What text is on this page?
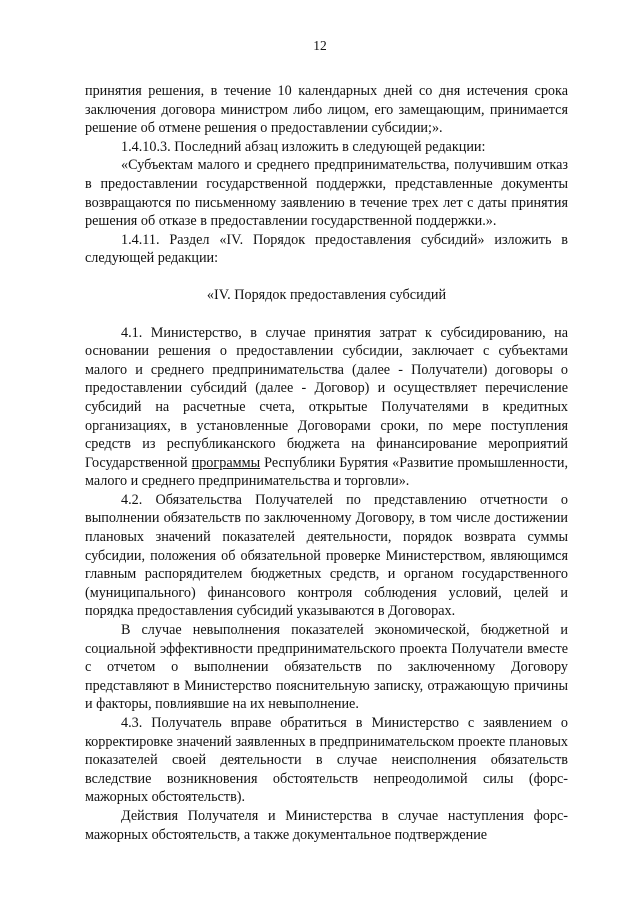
12

принятия решения, в течение 10 календарных дней со дня истечения срока заключения договора министром либо лицом, его замещающим, принимается решение об отмене решения о предоставлении субсидии;».

1.4.10.3. Последний абзац изложить в следующей редакции:

«Субъектам малого и среднего предпринимательства, получившим отказ в предоставлении государственной поддержки, представленные документы возвращаются по письменному заявлению в течение трех лет с даты принятия решения об отказе в предоставлении государственной поддержки.».

1.4.11. Раздел «IV. Порядок предоставления субсидий» изложить в следующей редакции:

«IV. Порядок предоставления субсидий

4.1. Министерство, в случае принятия затрат к субсидированию, на основании решения о предоставлении субсидии, заключает с субъектами малого и среднего предпринимательства (далее - Получатели) договоры о предоставлении субсидий (далее - Договор) и осуществляет перечисление субсидий на расчетные счета, открытые Получателями в кредитных организациях, в установленные Договорами сроки, по мере поступления средств из республиканского бюджета на финансирование мероприятий Государственной программы Республики Бурятия «Развитие промышленности, малого и среднего предпринимательства и торговли».

4.2. Обязательства Получателей по представлению отчетности о выполнении обязательств по заключенному Договору, в том числе достижении плановых значений показателей деятельности, порядок возврата суммы субсидии, положения об обязательной проверке Министерством, являющимся главным распорядителем бюджетных средств, и органом государственного (муниципального) финансового контроля соблюдения условий, целей и порядка предоставления субсидий указываются в Договорах.

В случае невыполнения показателей экономической, бюджетной и социальной эффективности предпринимательского проекта Получатели вместе с отчетом о выполнении обязательств по заключенному Договору представляют в Министерство пояснительную записку, отражающую причины и факторы, повлиявшие на их невыполнение.

4.3. Получатель вправе обратиться в Министерство с заявлением о корректировке значений заявленных в предпринимательском проекте плановых показателей своей деятельности в случае неисполнения обязательств вследствие возникновения обстоятельств непреодолимой силы (форс-мажорных обстоятельств).

Действия Получателя и Министерства в случае наступления форс-мажорных обстоятельств, а также документальное подтверждение
